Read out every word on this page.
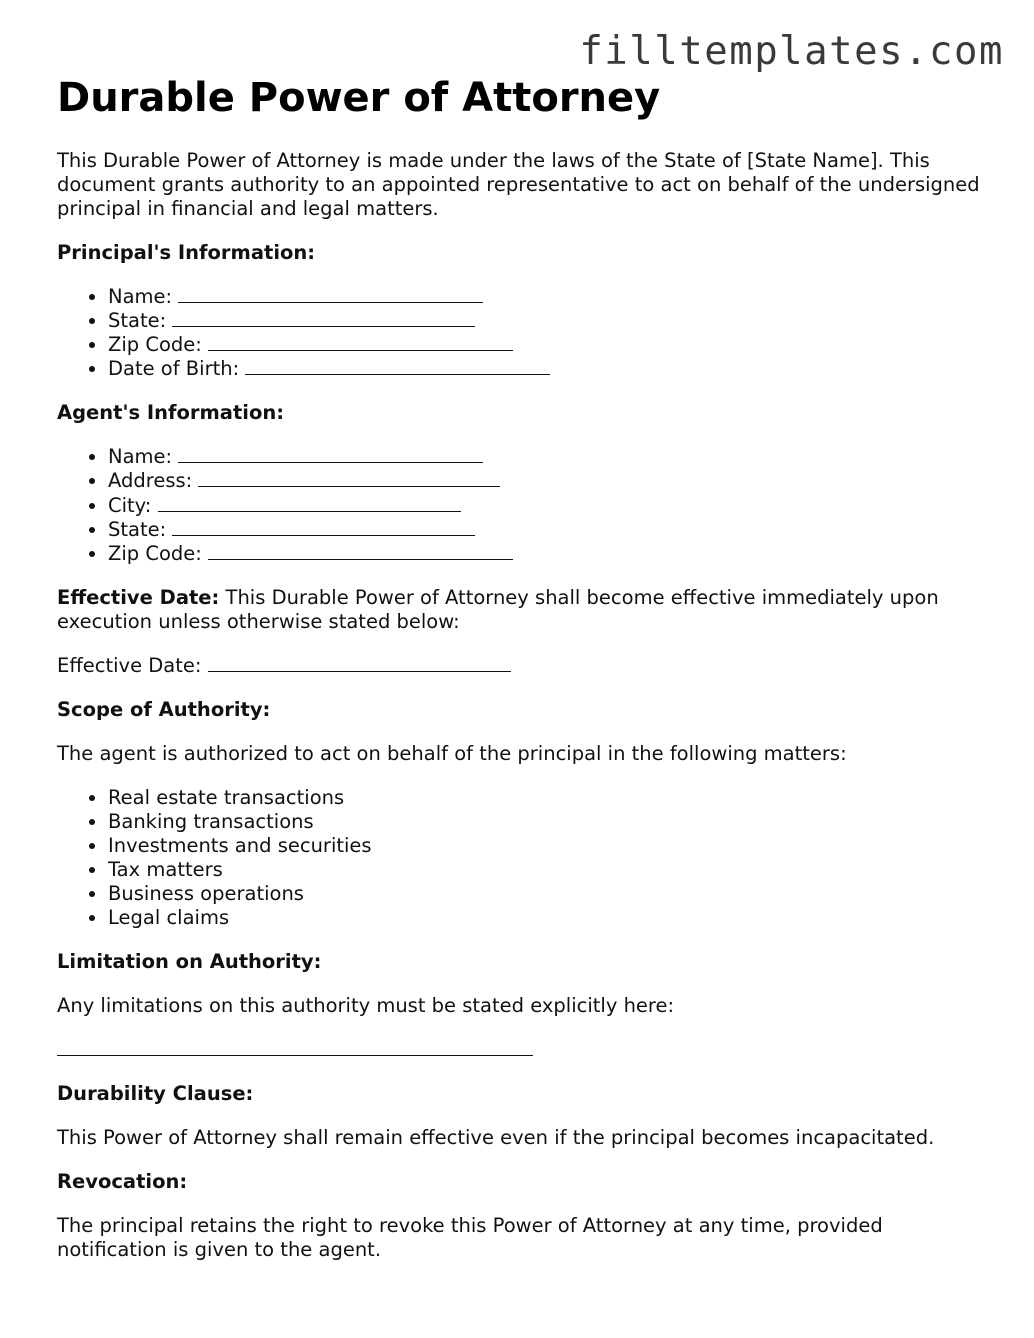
filltemplates.com
Durable Power of Attorney

This Durable Power of Attorney is made under the laws of the State of [State Name]. This document grants authority to an appointed representative to act on behalf of the undersigned principal in financial and legal matters.

Principal's Information:

• Name:
• State:
• Zip Code:
• Date of Birth:

Agent's Information:

• Name:
• Address:
• City:
• State:
• Zip Code:

Effective Date: This Durable Power of Attorney shall become effective immediately upon execution unless otherwise stated below:

Effective Date:

Scope of Authority:

The agent is authorized to act on behalf of the principal in the following matters:

• Real estate transactions
• Banking transactions
• Investments and securities
• Tax matters
• Business operations
• Legal claims

Limitation on Authority:

Any limitations on this authority must be stated explicitly here:

Durability Clause:

This Power of Attorney shall remain effective even if the principal becomes incapacitated.

Revocation:

The principal retains the right to revoke this Power of Attorney at any time, provided notification is given to the agent.
